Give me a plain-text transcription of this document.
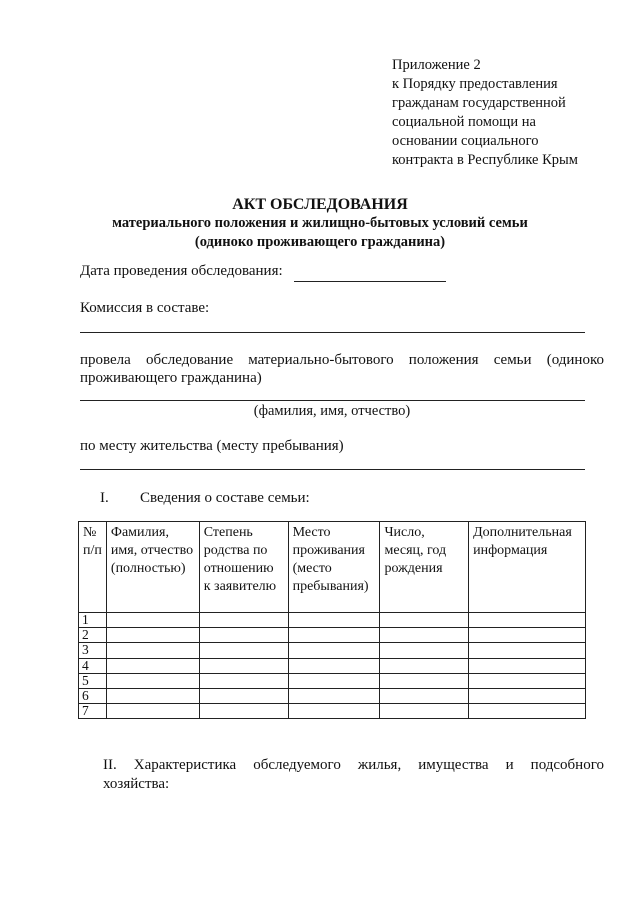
Приложение 2
к Порядку предоставления
гражданам государственной
социальной помощи на
основании социального
контракта в Республике Крым
АКТ ОБСЛЕДОВАНИЯ
материального положения и жилищно-бытовых условий семьи
(одиноко проживающего гражданина)
Дата проведения обследования:
Комиссия в составе:
провела обследование материально-бытового положения семьи (одиноко
проживающего гражданина)
(фамилия, имя, отчество)
по месту жительства (месту пребывания)
I. Сведения о составе семьи:
№ п/п	Фамилия, имя, отчество (полностью)	Степень родства по отношению к заявителю	Место проживания (место пребывания)	Число, месяц, год рождения	Дополнительная информация
1					
2					
3					
4					
5					
6					
7					
II. Характеристика обследуемого жилья, имущества и подсобного
хозяйства:
